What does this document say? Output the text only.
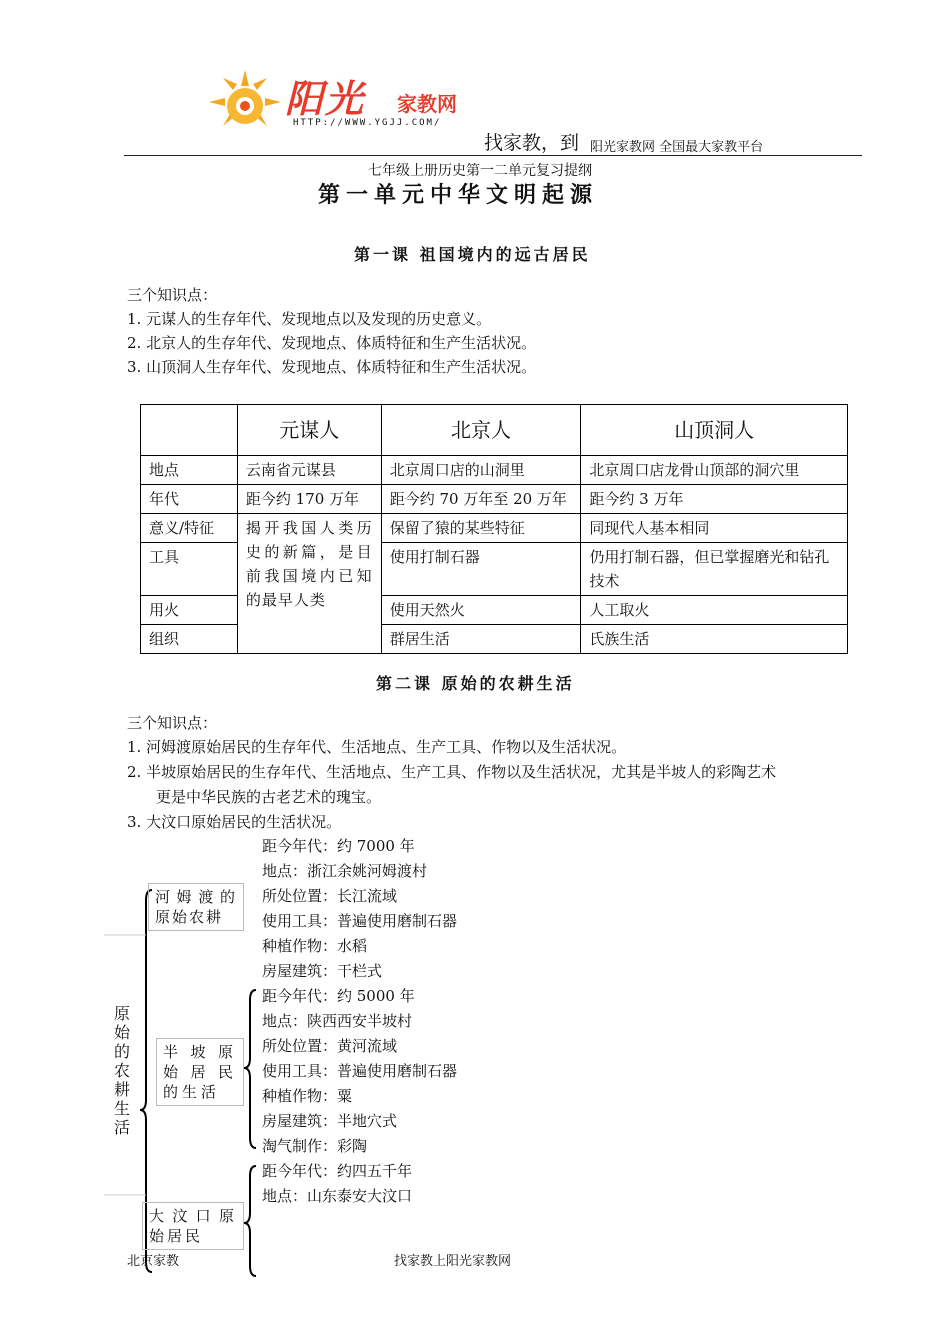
阳光 家教网
HTTP://WWW.YGJJ.COM/
找家教，到 阳光家教网 全国最大家教平台
七年级上册历史第一二单元复习提纲
第一单元中华文明起源
第一课 祖国境内的远古居民
三个知识点：
1. 元谋人的生存年代、发现地点以及发现的历史意义。
2. 北京人的生存年代、发现地点、体质特征和生产生活状况。
3. 山顶洞人生存年代、发现地点、体质特征和生产生活状况。
	元谋人	北京人	山顶洞人
地点	云南省元谋县	北京周口店的山洞里	北京周口店龙骨山顶部的洞穴里
年代	距今约 170 万年	距今约 70 万年至 20 万年	距今约 3 万年
意义/特征	揭开我国人类历史的新篇，是目前我国境内已知的最早人类	保留了猿的某些特征	同现代人基本相同
工具		使用打制石器	仍用打制石器，但已掌握磨光和钻孔技术
用火		使用天然火	人工取火
组织		群居生活	氏族生活
第二课 原始的农耕生活
三个知识点：
1. 河姆渡原始居民的生存年代、生活地点、生产工具、作物以及生活状况。
2. 半坡原始居民的生存年代、生活地点、生产工具、作物以及生活状况，尤其是半坡人的彩陶艺术
更是中华民族的古老艺术的瑰宝。
3. 大汶口原始居民的生活状况。
原始的农耕生活
河姆渡的原始农耕
半坡原始居民的生活
大汶口原始居民
距今年代：约 7000 年
地点：浙江余姚河姆渡村
所处位置：长江流域
使用工具：普遍使用磨制石器
种植作物：水稻
房屋建筑：干栏式
距今年代：约 5000 年
地点：陕西西安半坡村
所处位置：黄河流域
使用工具：普遍使用磨制石器
种植作物：粟
房屋建筑：半地穴式
淘气制作：彩陶
距今年代：约四五千年
地点：山东泰安大汶口
北京家教	找家教上阳光家教网
